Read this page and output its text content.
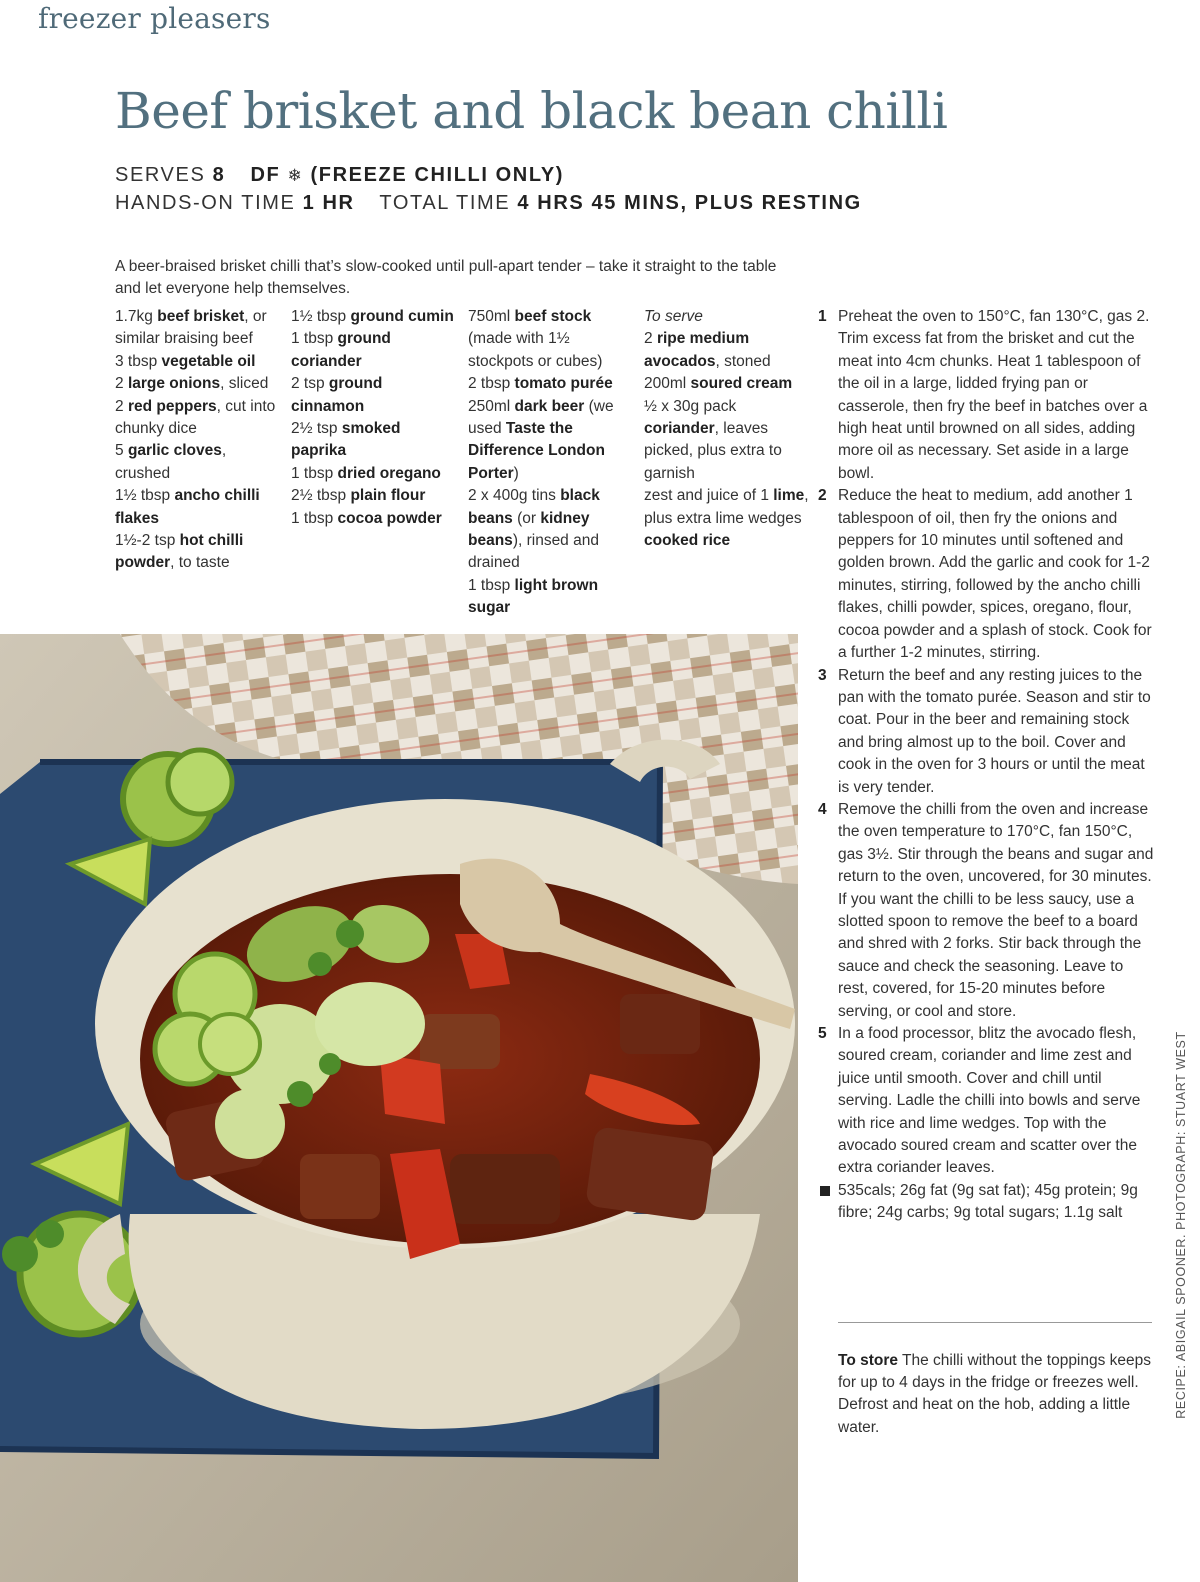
freezer pleasers
Beef brisket and black bean chilli
SERVES 8 DF ❄ (FREEZE CHILLI ONLY)
HANDS-ON TIME 1 HR TOTAL TIME 4 HRS 45 MINS, PLUS RESTING

A beer-braised brisket chilli that’s slow-cooked until pull-apart tender – take it straight to the table and let everyone help themselves.

1.7kg beef brisket, or similar braising beef

3 tbsp vegetable oil

2 large onions, sliced

2 red peppers, cut into chunky dice

5 garlic cloves, crushed

1½ tbsp ancho chilli flakes

1½-2 tsp hot chilli powder, to taste

1½ tbsp ground cumin

1 tbsp ground coriander

2 tsp ground cinnamon

2½ tsp smoked paprika

1 tbsp dried oregano

2½ tbsp plain flour

1 tbsp cocoa powder

750ml beef stock (made with 1½ stockpots or cubes)

2 tbsp tomato purée

250ml dark beer (we used Taste the Difference London Porter)

2 x 400g tins black beans (or kidney beans), rinsed and drained

1 tbsp light brown sugar

To serve

2 ripe medium avocados, stoned

200ml soured cream

½ x 30g pack coriander, leaves picked, plus extra to garnish

zest and juice of 1 lime, plus extra lime wedges

cooked rice

1 Preheat the oven to 150°C, fan 130°C, gas 2. Trim excess fat from the brisket and cut the meat into 4cm chunks. Heat 1 tablespoon of the oil in a large, lidded frying pan or casserole, then fry the beef in batches over a high heat until browned on all sides, adding more oil as necessary. Set aside in a large bowl.
2 Reduce the heat to medium, add another 1 tablespoon of oil, then fry the onions and peppers for 10 minutes until softened and golden brown. Add the garlic and cook for 1-2 minutes, stirring, followed by the ancho chilli flakes, chilli powder, spices, oregano, flour, cocoa powder and a splash of stock. Cook for a further 1-2 minutes, stirring.
3 Return the beef and any resting juices to the pan with the tomato purée. Season and stir to coat. Pour in the beer and remaining stock and bring almost up to the boil. Cover and cook in the oven for 3 hours or until the meat is very tender.
4 Remove the chilli from the oven and increase the oven temperature to 170°C, fan 150°C, gas 3½. Stir through the beans and sugar and return to the oven, uncovered, for 30 minutes. If you want the chilli to be less saucy, use a slotted spoon to remove the beef to a board and shred with 2 forks. Stir back through the sauce and check the seasoning. Leave to rest, covered, for 15-20 minutes before serving, or cool and store.
5 In a food processor, blitz the avocado flesh, soured cream, coriander and lime zest and juice until smooth. Cover and chill until serving. Ladle the chilli into bowls and serve with rice and lime wedges. Top with the avocado soured cream and scatter over the extra coriander leaves.
535cals; 26g fat (9g sat fat); 45g protein; 9g fibre; 24g carbs; 9g total sugars; 1.1g salt

To store The chilli without the toppings keeps for up to 4 days in the fridge or freezes well. Defrost and heat on the hob, adding a little water.

RECIPE: ABIGAIL SPOONER. PHOTOGRAPH: STUART WEST
